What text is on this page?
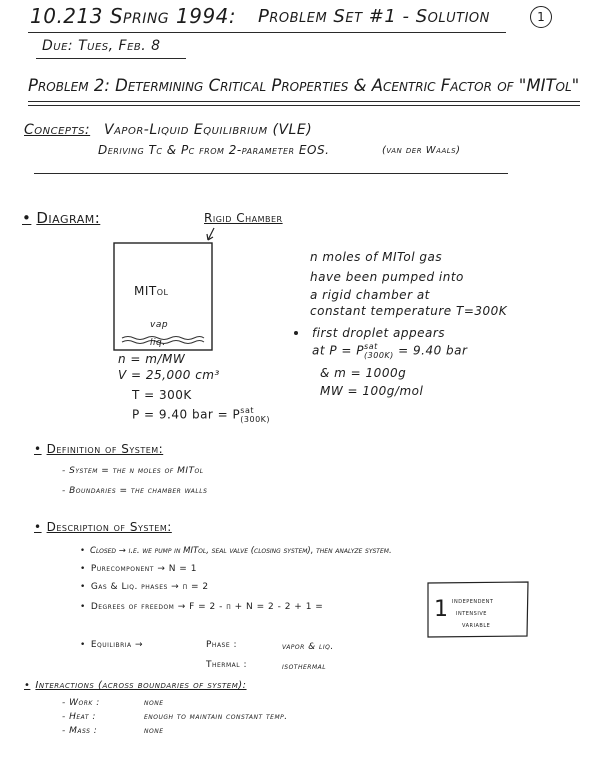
10.213 Spring 1994: Problem Set #1 - Solution	1
Due: Tues, Feb. 8
Problem 2: Determining Critical Properties & Acentric Factor of "MITol"
Concepts: Vapor-Liquid Equilibrium (VLE)
Deriving Tc & Pc from 2-parameter EOS.	(van der Waals)
• Diagram:	Rigid Chamber
MITol
vap
liq.
n = m/MW
V = 25,000 cm³
T = 300K
P = 9.40 bar = P sat
(300K)
n moles of MITol gas
have been pumped into
a rigid chamber at
constant temperature T=300K
first droplet appears
at P = P sat
(300K) = 9.40 bar
& m = 1000g
MW = 100g/mol
• Definition of System:
- System = the n moles of MITol
- Boundaries = the chamber walls
• Description of System:
• Closed → i.e. we pump in MITol, seal valve (closing system), then analyze system.
• Purecomponent → N = 1
• Gas & Liq. phases → π = 2
• Degrees of freedom → F = 2 - π + N = 2 - 2 + 1 =	1 independent
intensive
variable
• Equilibria →	Phase :	vapor & liq.
Thermal :	isothermal
• Interactions (across boundaries of system):
- Work :	none
- Heat :	enough to maintain constant temp.
- Mass :	none
